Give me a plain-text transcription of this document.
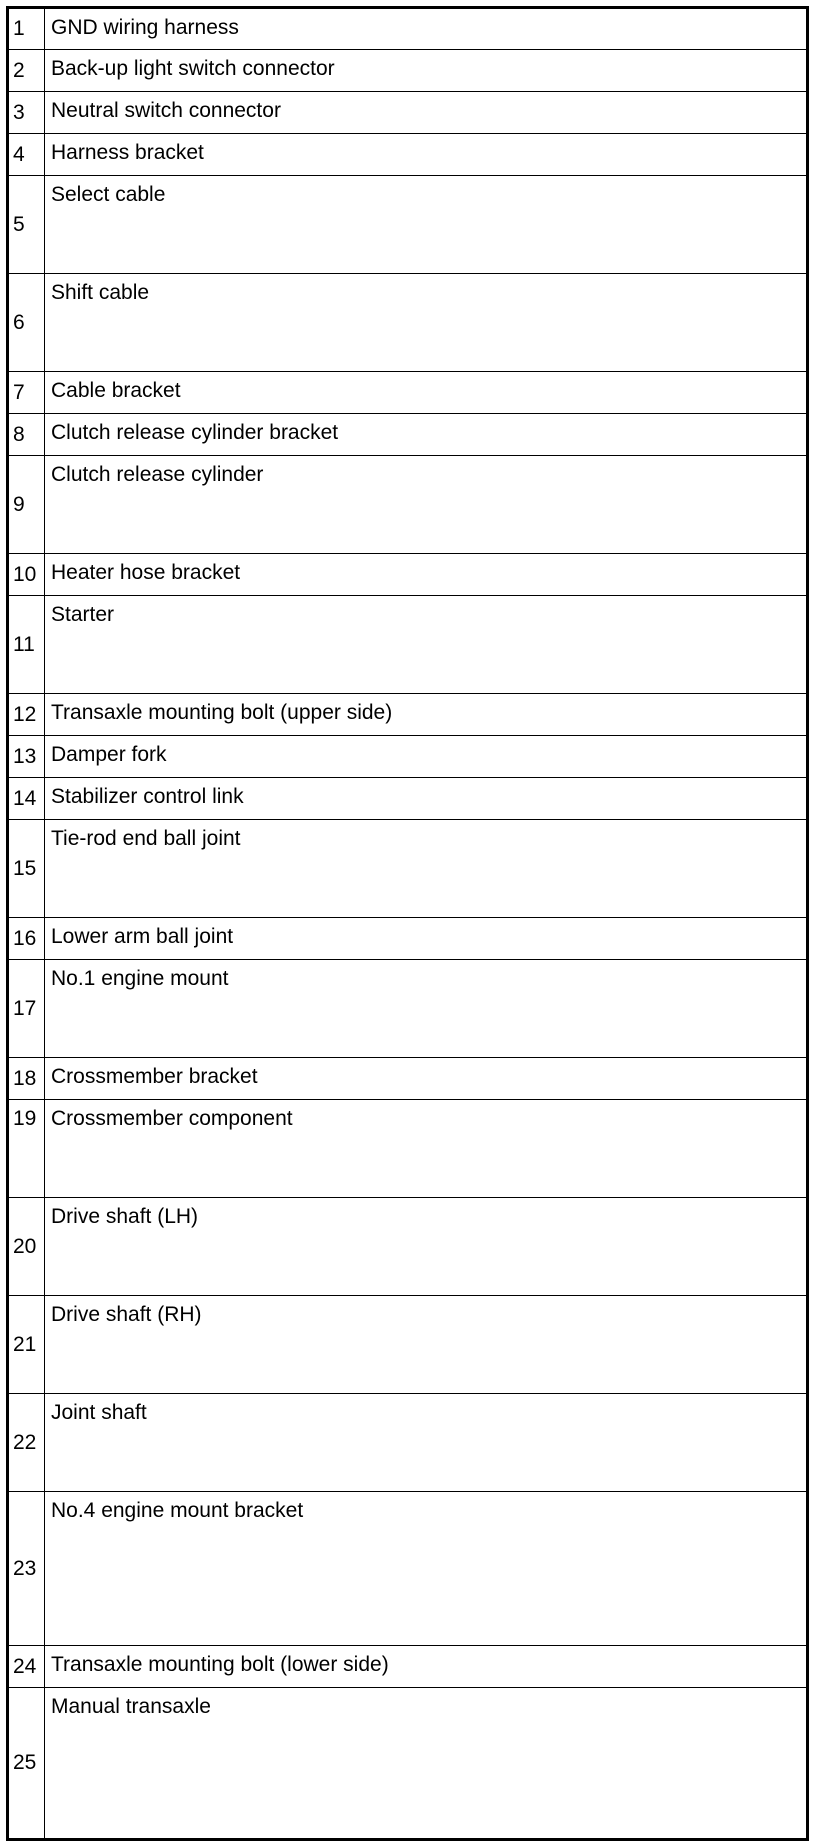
1	GND wiring harness
2	Back-up light switch connector
3	Neutral switch connector
4	Harness bracket
5	Select cable
6	Shift cable
7	Cable bracket
8	Clutch release cylinder bracket
9	Clutch release cylinder
10	Heater hose bracket
11	Starter
12	Transaxle mounting bolt (upper side)
13	Damper fork
14	Stabilizer control link
15	Tie-rod end ball joint
16	Lower arm ball joint
17	No.1 engine mount
18	Crossmember bracket
19	Crossmember component
20	Drive shaft (LH)
21	Drive shaft (RH)
22	Joint shaft
23	No.4 engine mount bracket
24	Transaxle mounting bolt (lower side)
25	Manual transaxle
